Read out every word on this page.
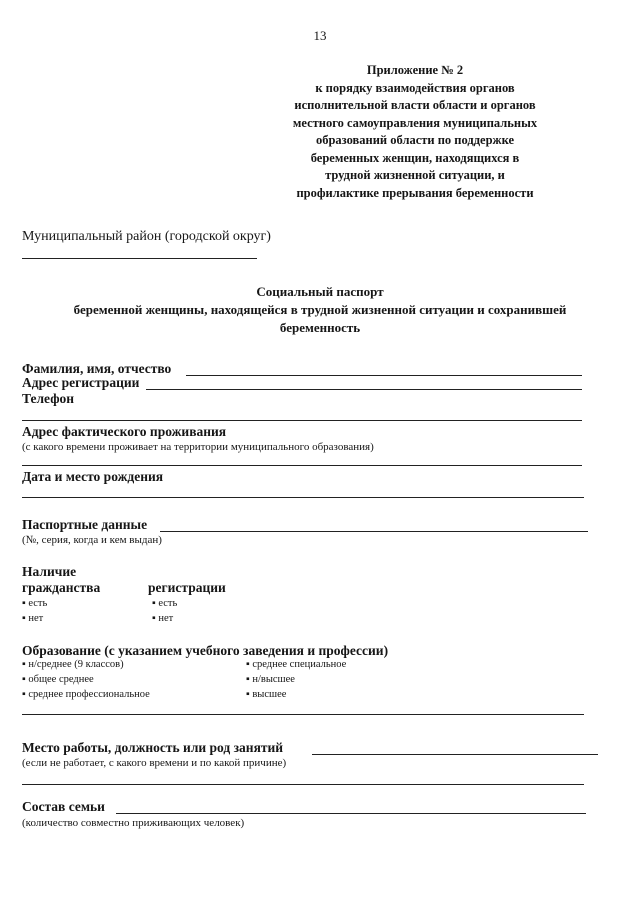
13
Приложение № 2
к порядку взаимодействия органов
исполнительной власти области и органов
местного самоуправления муниципальных
образований области по поддержке
беременных женщин, находящихся в
трудной жизненной ситуации, и
профилактике прерывания беременности
Муниципальный район (городской округ)
Социальный паспорт
беременной женщины, находящейся в трудной жизненной ситуации и сохранившей
беременность
Фамилия, имя, отчество
Адрес регистрации
Телефон
Адрес фактического проживания
(с какого времени проживает на территории муниципального образования)
Дата и место рождения
Паспортные данные
(№, серия, когда и кем выдан)
Наличие
гражданства	регистрации
▪ есть
▪ нет
▪ есть
▪ нет
Образование (с указанием учебного заведения и профессии)
▪ н/среднее (9 классов)
▪ общее среднее
▪ среднее профессиональное
▪ среднее специальное
▪ н/высшее
▪ высшее
Место работы, должность или род занятий
(если не работает, с какого времени и по какой причине)
Состав семьи
(количество совместно приживающих человек)
